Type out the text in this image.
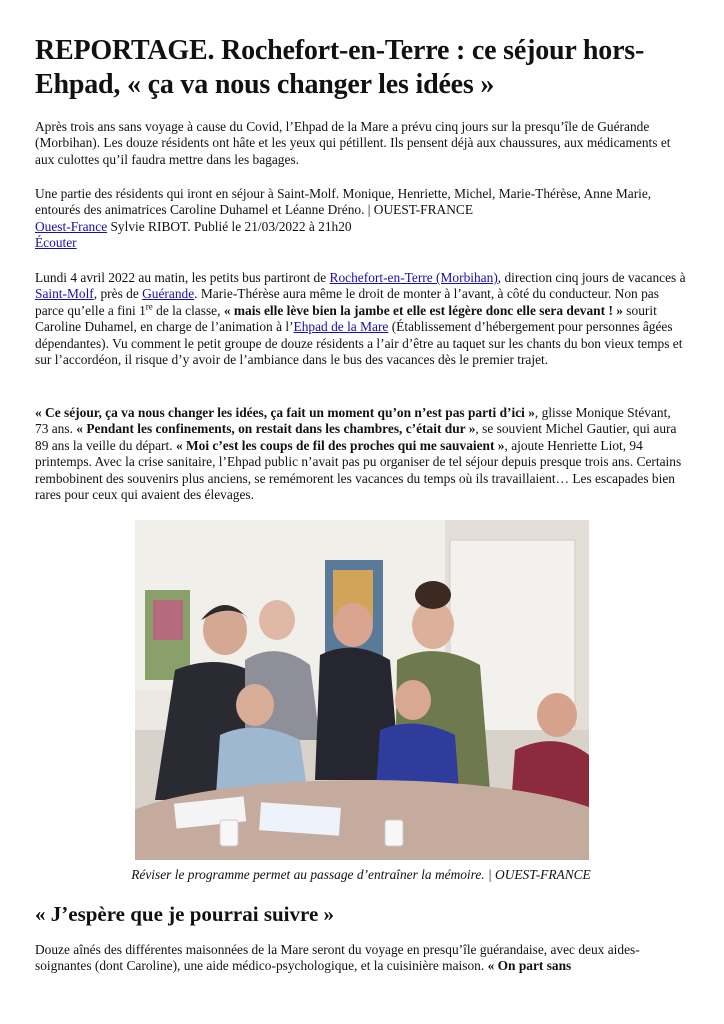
REPORTAGE. Rochefort-en-Terre : ce séjour hors-Ehpad, « ça va nous changer les idées »

Après trois ans sans voyage à cause du Covid, l’Ehpad de la Mare a prévu cinq jours sur la presqu’île de Guérande (Morbihan). Les douze résidents ont hâte et les yeux qui pétillent. Ils pensent déjà aux chaussures, aux médicaments et aux culottes qu’il faudra mettre dans les bagages.

Une partie des résidents qui iront en séjour à Saint-Molf. Monique, Henriette, Michel, Marie-Thérèse, Anne Marie, entourés des animatrices Caroline Duhamel et Léanne Dréno. | OUEST-FRANCE
Ouest-France Sylvie RIBOT. Publié le 21/03/2022 à 21h20
Écouter

Lundi 4 avril 2022 au matin, les petits bus partiront de Rochefort-en-Terre (Morbihan), direction cinq jours de vacances à Saint-Molf, près de Guérande. Marie-Thérèse aura même le droit de monter à l’avant, à côté du conducteur. Non pas parce qu’elle a fini 1re de la classe, « mais elle lève bien la jambe et elle est légère donc elle sera devant ! » sourit Caroline Duhamel, en charge de l’animation à l’Ehpad de la Mare (Établissement d’hébergement pour personnes âgées dépendantes). Vu comment le petit groupe de douze résidents a l’air d’être au taquet sur les chants du bon vieux temps et sur l’accordéon, il risque d’y avoir de l’ambiance dans le bus des vacances dès le premier trajet.

« Ce séjour, ça va nous changer les idées, ça fait un moment qu’on n’est pas parti d’ici », glisse Monique Stévant, 73 ans. « Pendant les confinements, on restait dans les chambres, c’était dur », se souvient Michel Gautier, qui aura 89 ans la veille du départ. « Moi c’est les coups de fil des proches qui me sauvaient », ajoute Henriette Liot, 94 printemps. Avec la crise sanitaire, l’Ehpad public n’avait pas pu organiser de tel séjour depuis presque trois ans. Certains rembobinent des souvenirs plus anciens, se remémorent les vacances du temps où ils travaillaient… Les escapades bien rares pour ceux qui avaient des élevages.

Réviser le programme permet au passage d’entraîner la mémoire. | OUEST-FRANCE
« J’espère que je pourrai suivre »

Douze aînés des différentes maisonnées de la Mare seront du voyage en presqu’île guérandaise, avec deux aides-soignantes (dont Caroline), une aide médico-psychologique, et la cuisinière maison. « On part sans
